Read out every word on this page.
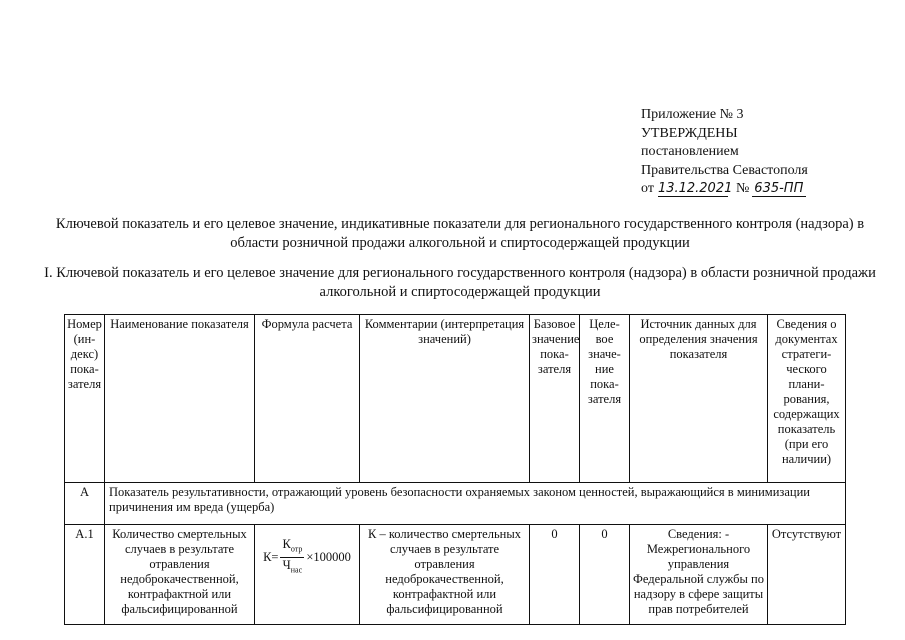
Приложение № 3
УТВЕРЖДЕНЫ
постановлением
Правительства Севастополя
от 13.12.2021 № 635-ПП
Ключевой показатель и его целевое значение, индикативные показатели для регионального государственного контроля (надзора) в области розничной продажи алкогольной и спиртосодержащей продукции
I. Ключевой показатель и его целевое значение для регионального государственного контроля (надзора) в области розничной продажи алкогольной и спиртосодержащей продукции
Номер (ин-декс) пока-зателя	Наименование показателя	Формула расчета	Комментарии (интерпретация значений)	Базовое значение пока-зателя	Целе-вое значе-ние пока-зателя	Источник данных для определения значения показателя	Сведения о документах стратеги-ческого плани-рования, содержащих показатель (при его наличии)
А	Показатель результативности, отражающий уровень безопасности охраняемых законом ценностей, выражающийся в минимизации причинения им вреда (ущерба)						
А.1	Количество смертельных случаев в результате отравления недоброкачественной, контрафактной или фальсифицированной	$К= \frac{К_{отр}}{Ч_{нас}} \times 100000$	К – количество смертельных случаев в результате отравления недоброкачественной, контрафактной или фальсифицированной	0	0	Сведения: - Межрегионального управления Федеральной службы по надзору в сфере защиты прав потребителей	Отсутствуют
